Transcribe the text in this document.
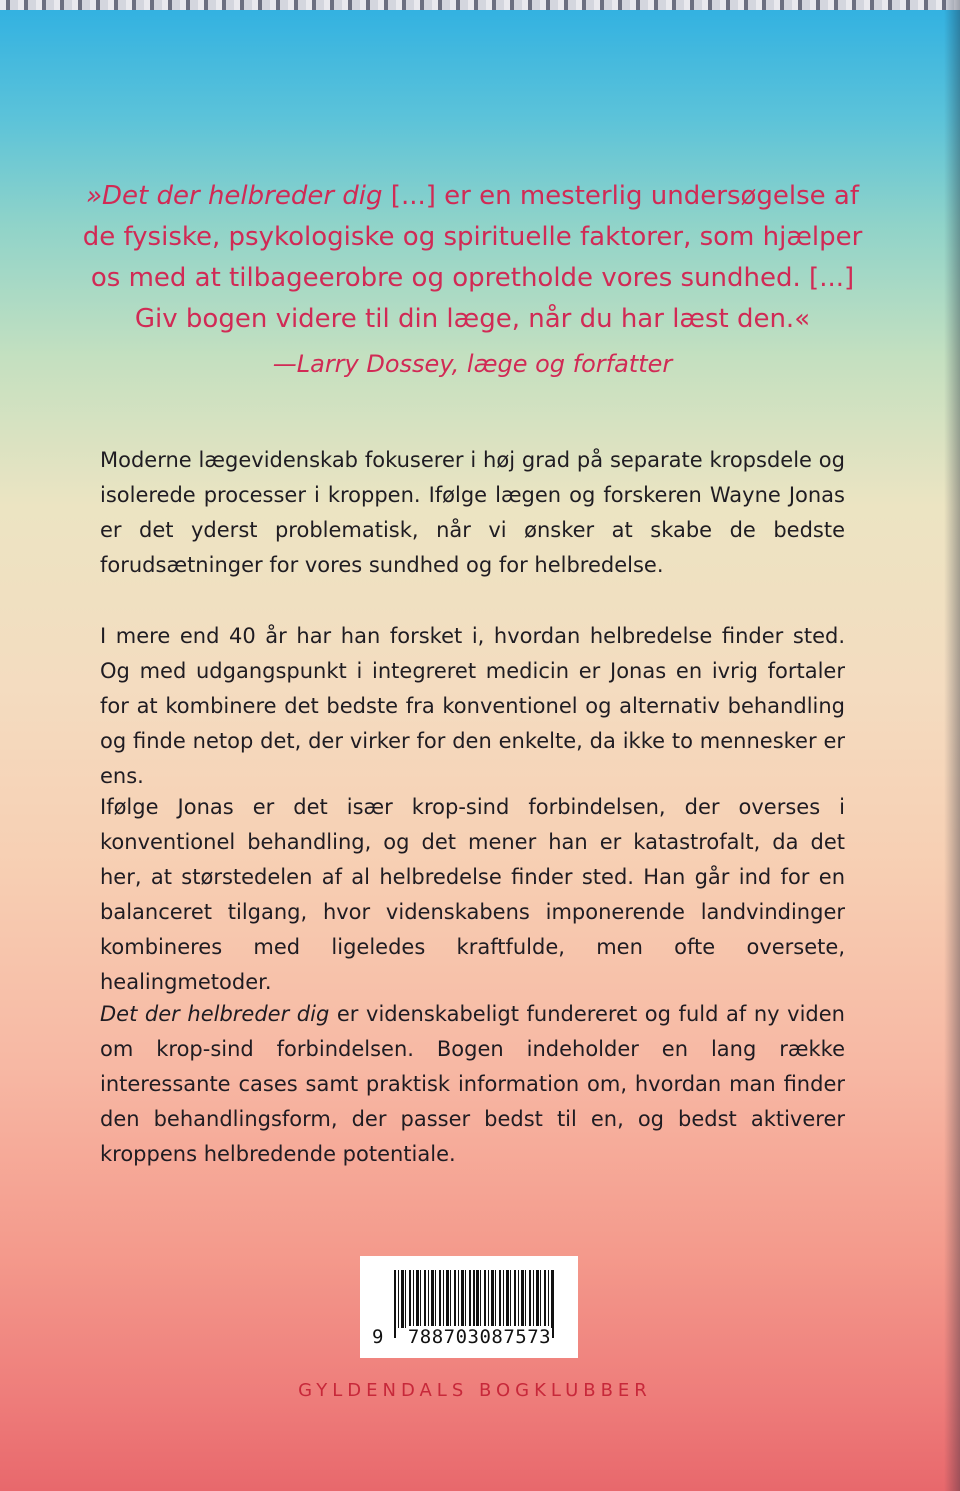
»Det der helbreder dig [...] er en mesterlig undersøgelse af de fysiske, psykologiske og spirituelle faktorer, som hjælper os med at tilbageerobre og opretholde vores sundhed. [...] Giv bogen videre til din læge, når du har læst den.«
—Larry Dossey, læge og forfatter
Moderne lægevidenskab fokuserer i høj grad på separate kropsdele og isolerede processer i kroppen. Ifølge lægen og forskeren Wayne Jonas er det yderst problematisk, når vi ønsker at skabe de bedste forudsætninger for vores sundhed og for helbredelse.
I mere end 40 år har han forsket i, hvordan helbredelse finder sted. Og med udgangspunkt i integreret medicin er Jonas en ivrig fortaler for at kombinere det bedste fra konventionel og alternativ behandling og finde netop det, der virker for den enkelte, da ikke to mennesker er ens.
Ifølge Jonas er det især krop-sind forbindelsen, der overses i konventionel behandling, og det mener han er katastrofalt, da det her, at størstedelen af al helbredelse finder sted. Han går ind for en balanceret tilgang, hvor videnskabens imponerende landvindinger kombineres med ligeledes kraftfulde, men ofte oversete, healingmetoder.
Det der helbreder dig er videnskabeligt fundereret og fuld af ny viden om krop-sind forbindelsen. Bogen indeholder en lang række interessante cases samt praktisk information om, hvordan man finder den behandlingsform, der passer bedst til en, og bedst aktiverer kroppens helbredende potentiale.
9 788703087573
GYLDENDALS BOGKLUBBER
